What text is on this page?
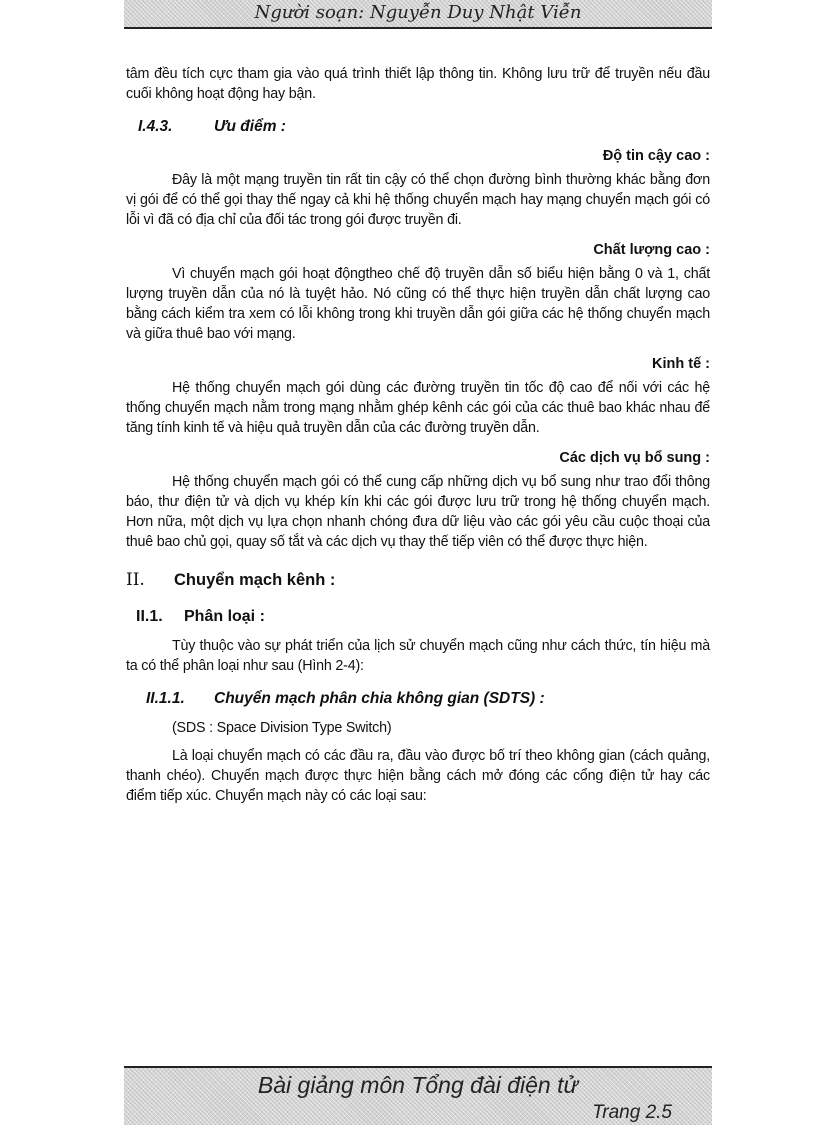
Người soạn: Nguyễn Duy Nhật Viễn

tâm đều tích cực tham gia vào quá trình thiết lập thông tin. Không lưu trữ để truyền nếu đầu cuối không hoạt động hay bận.

I.4.3.	Ưu điểm :
Độ tin cậy cao :

Đây là một mạng truyền tin rất tin cậy có thể chọn đường bình thường khác bằng đơn vị gói để có thể gọi thay thế ngay cả khi hệ thống chuyển mạch hay mạng chuyển mạch gói có lỗi vì đã có địa chỉ của đối tác trong gói được truyền đi.

Chất lượng cao :

Vì chuyển mạch gói hoạt độngtheo chế độ truyền dẫn số biểu hiện bằng 0 và 1, chất lượng truyền dẫn của nó là tuyệt hảo. Nó cũng có thể thực hiện truyền dẫn chất lượng cao bằng cách kiểm tra xem có lỗi không trong khi truyền dẫn gói giữa các hệ thống chuyển mạch và giữa thuê bao với mạng.

Kinh tế :

Hệ thống chuyển mạch gói dùng các đường truyền tin tốc độ cao để nối với các hệ thống chuyển mạch nằm trong mạng nhằm ghép kênh các gói của các thuê bao khác nhau để tăng tính kinh tế và hiệu quả truyền dẫn của các đường truyền dẫn.

Các dịch vụ bổ sung :

Hệ thống chuyển mạch gói có thể cung cấp những dịch vụ bổ sung như trao đổi thông báo, thư điện tử và dịch vụ khép kín khi các gói được lưu trữ trong hệ thống chuyển mạch. Hơn nữa, một dịch vụ lựa chọn nhanh chóng đưa dữ liệu vào các gói yêu cầu cuộc thoại của thuê bao chủ gọi, quay số tắt và các dịch vụ thay thế tiếp viên có thể được thực hiện.

II.	Chuyển mạch kênh :
II.1.	Phân loại :

Tùy thuộc vào sự phát triển của lịch sử chuyển mạch cũng như cách thức, tín hiệu mà ta có thể phân loại như sau (Hình 2-4):

II.1.1.	Chuyển mạch phân chia không gian (SDTS) :

(SDS : Space Division Type Switch)

Là loại chuyển mạch có các đầu ra, đầu vào được bố trí theo không gian (cách quảng, thanh chéo). Chuyển mạch được thực hiện bằng cách mở đóng các cổng điện tử hay các điểm tiếp xúc. Chuyển mạch này có các loại sau:

Bài giảng môn Tổng đài điện tử
Trang 2.5
